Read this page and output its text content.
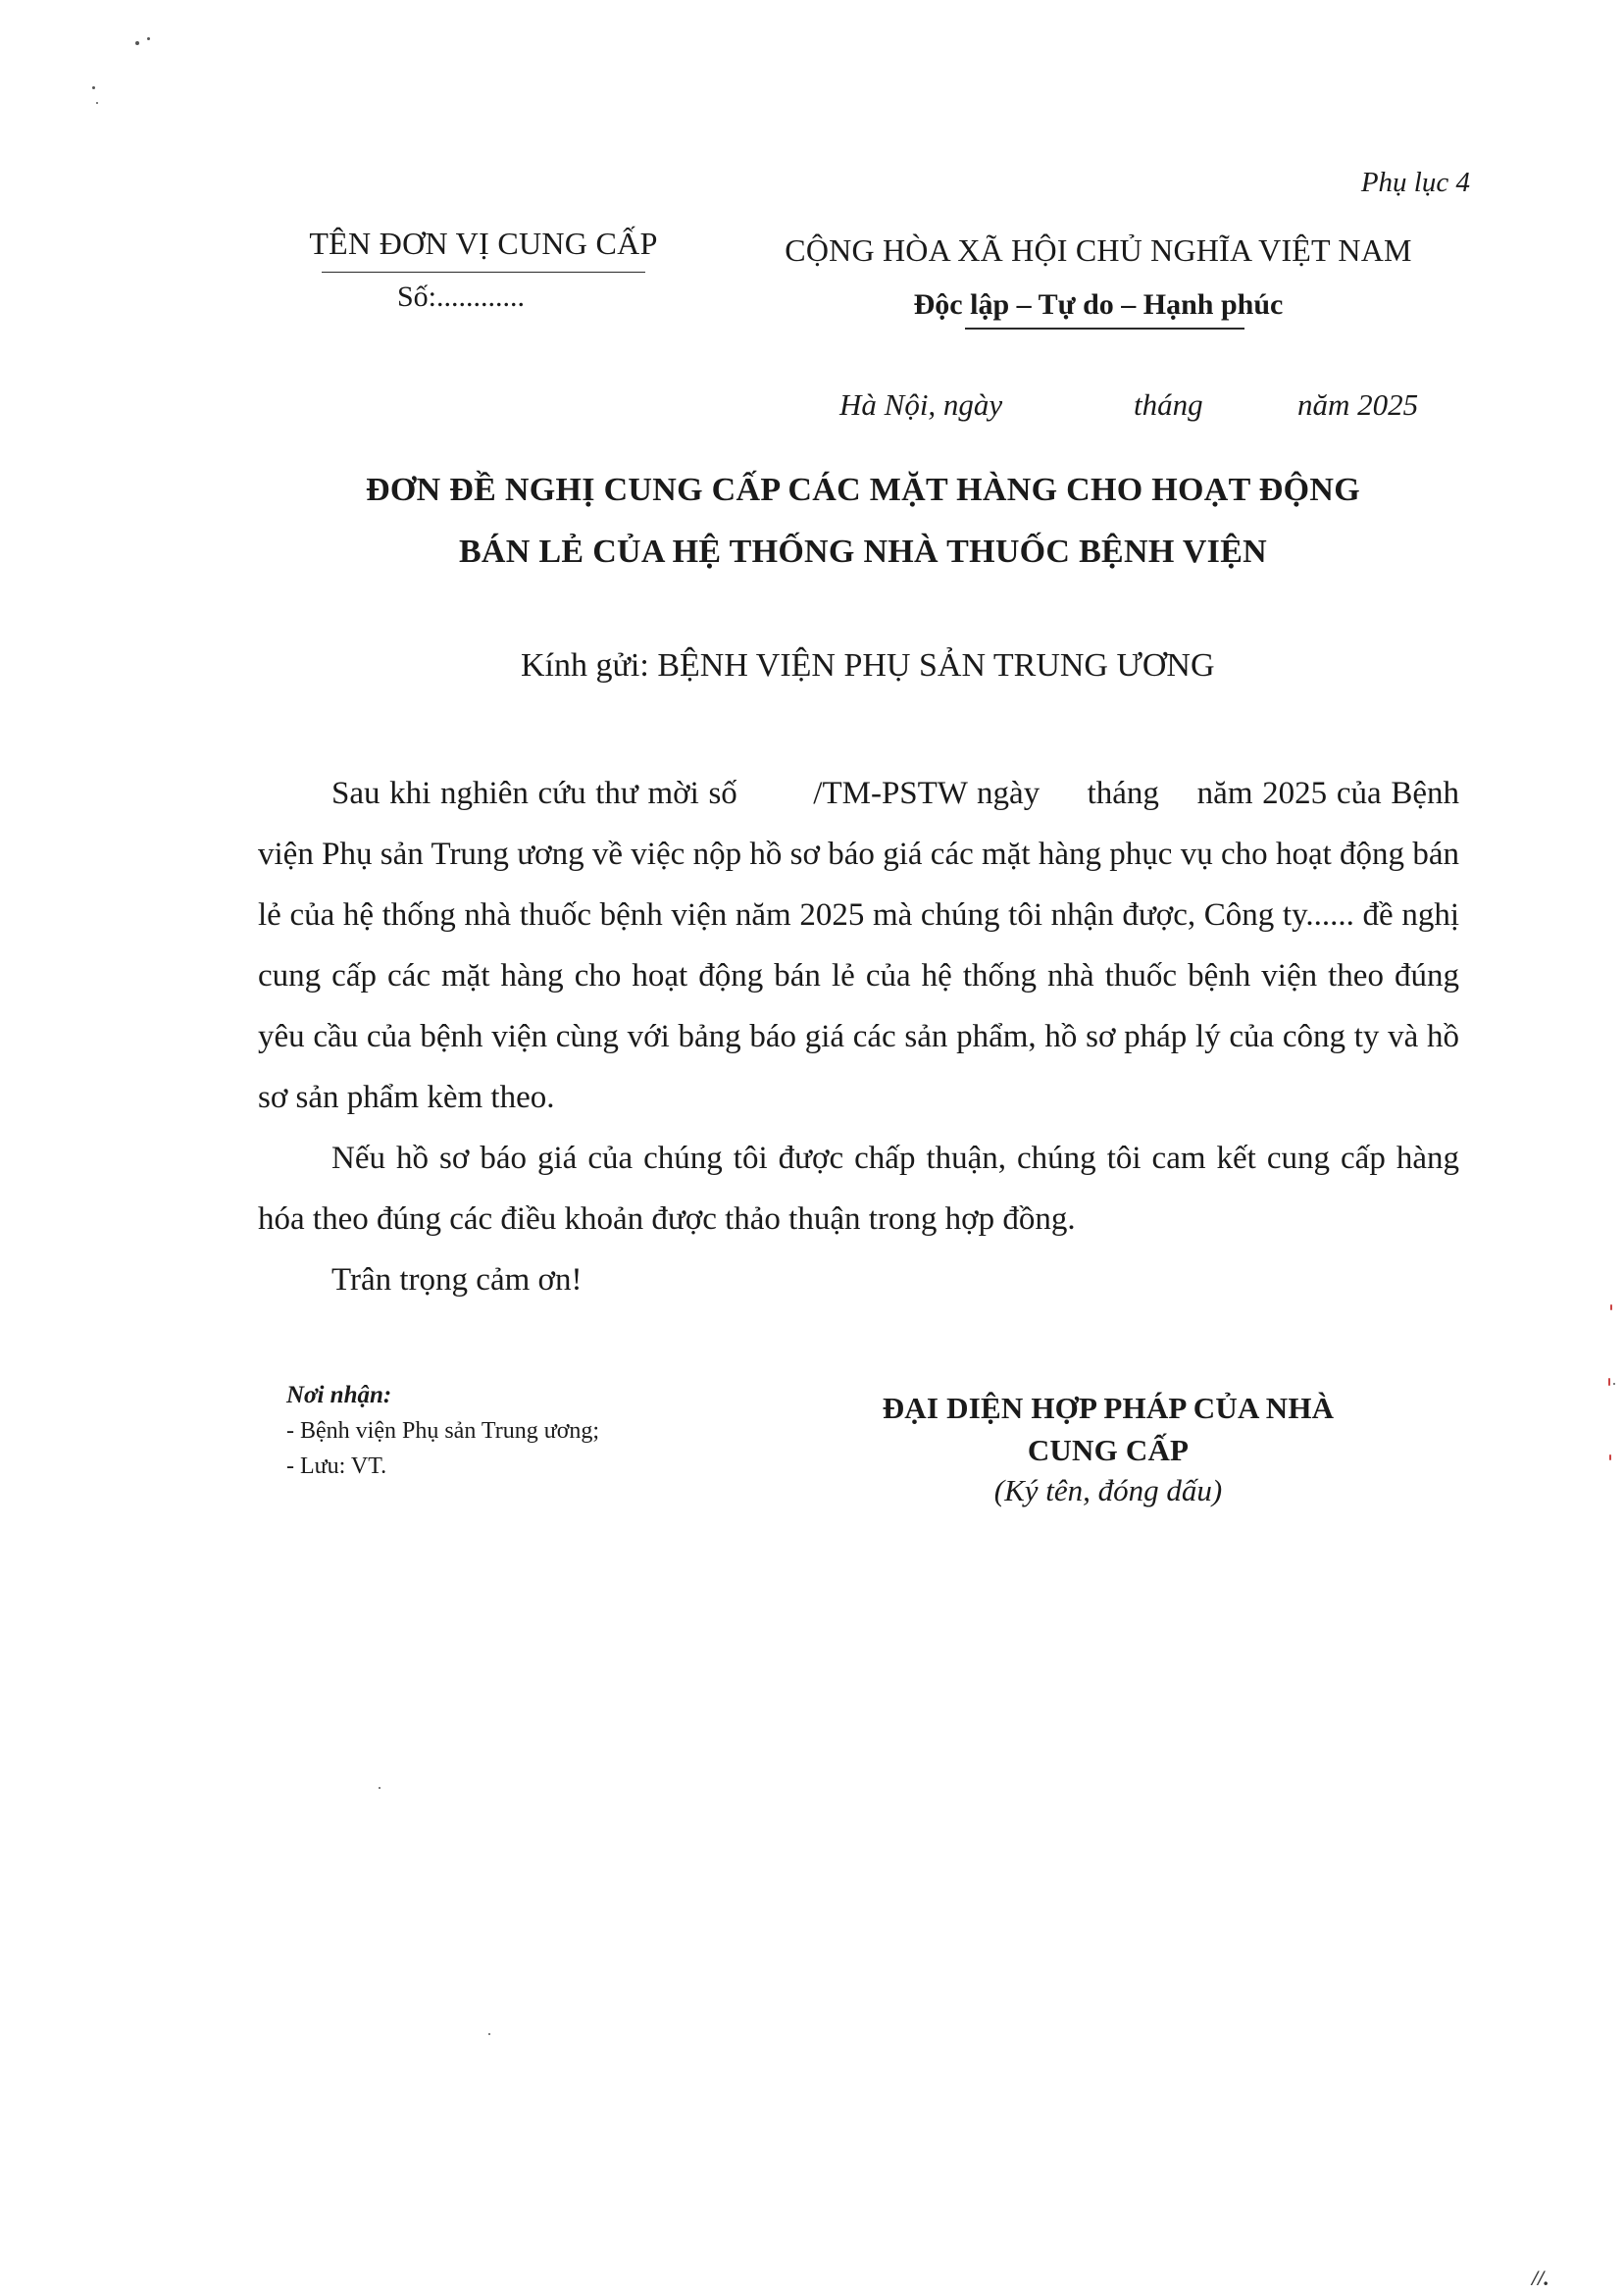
Phụ lục 4
TÊN ĐƠN VỊ CUNG CẤP
Số:............
CỘNG HÒA XÃ HỘI CHỦ NGHĨA VIỆT NAM
Độc lập – Tự do – Hạnh phúc
Hà Nội, ngày	tháng	năm 2025
ĐƠN ĐỀ NGHỊ CUNG CẤP CÁC MẶT HÀNG CHO HOẠT ĐỘNG
BÁN LẺ CỦA HỆ THỐNG NHÀ THUỐC BỆNH VIỆN
Kính gửi: BỆNH VIỆN PHỤ SẢN TRUNG ƯƠNG

Sau khi nghiên cứu thư mời số        /TM-PSTW ngày     tháng    năm 2025 của Bệnh viện Phụ sản Trung ương về việc nộp hồ sơ báo giá các mặt hàng phục vụ cho hoạt động bán lẻ của hệ thống nhà thuốc bệnh viện năm 2025 mà chúng tôi nhận được, Công ty...... đề nghị cung cấp các mặt hàng cho hoạt động bán lẻ của hệ thống nhà thuốc bệnh viện theo đúng yêu cầu của bệnh viện cùng với bảng báo giá các sản phẩm, hồ sơ pháp lý của công ty và hồ sơ sản phẩm kèm theo.

Nếu hồ sơ báo giá của chúng tôi được chấp thuận, chúng tôi cam kết cung cấp hàng hóa theo đúng các điều khoản được thảo thuận trong hợp đồng.

Trân trọng cảm ơn!

Nơi nhận:
- Bệnh viện Phụ sản Trung ương;
- Lưu: VT.
ĐẠI DIỆN HỢP PHÁP CỦA NHÀ
CUNG CẤP
(Ký tên, đóng dấu)
//.
